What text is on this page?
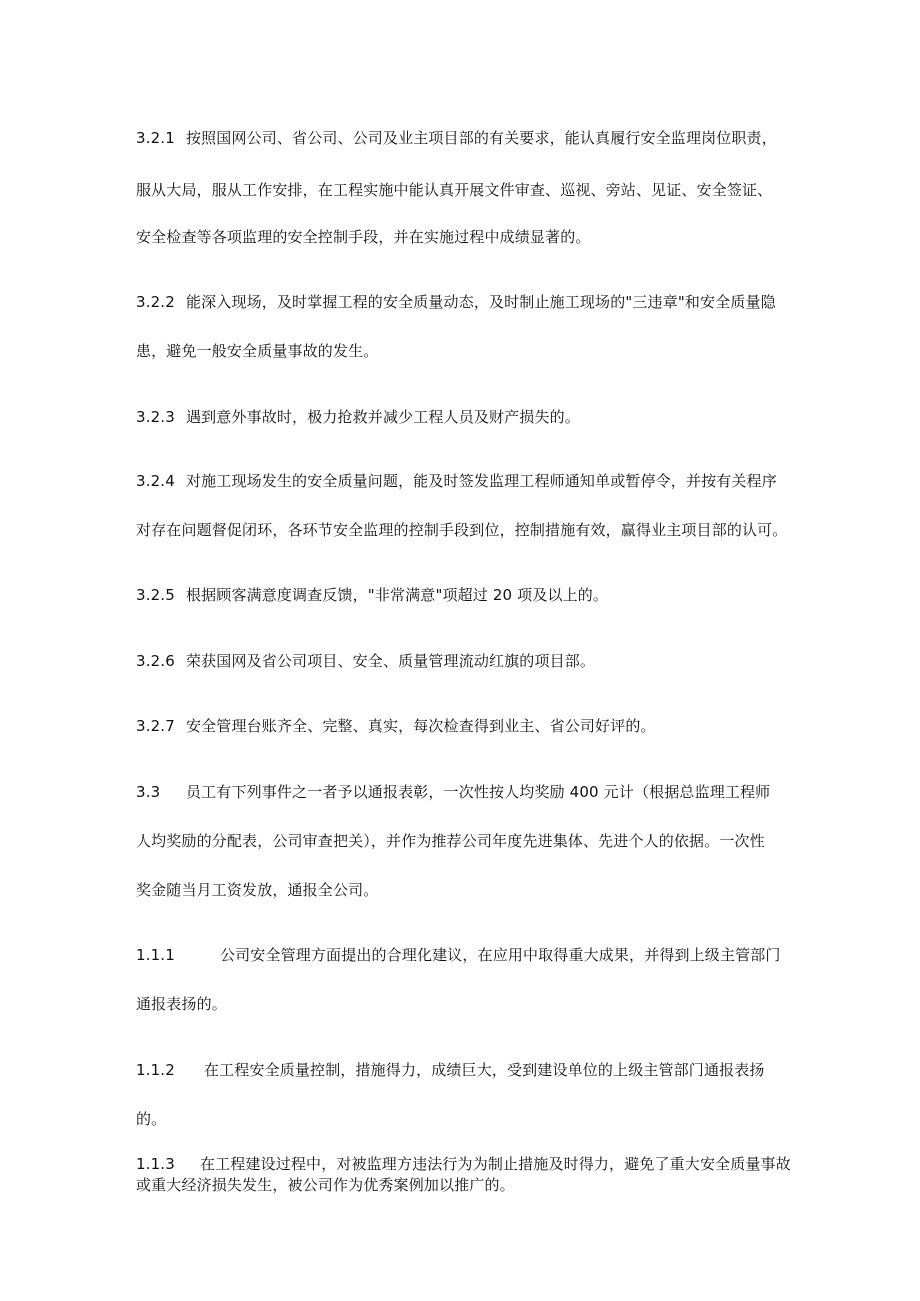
3.2.1 按照国网公司、省公司、公司及业主项目部的有关要求，能认真履行安全监理岗位职责，
服从大局，服从工作安排，在工程实施中能认真开展文件审查、巡视、旁站、见证、安全签证、
安全检查等各项监理的安全控制手段，并在实施过程中成绩显著的。
3.2.2 能深入现场，及时掌握工程的安全质量动态，及时制止施工现场的"三违章"和安全质量隐
患，避免一般安全质量事故的发生。
3.2.3 遇到意外事故时，极力抢救并减少工程人员及财产损失的。
3.2.4 对施工现场发生的安全质量问题，能及时签发监理工程师通知单或暂停令，并按有关程序
对存在问题督促闭环，各环节安全监理的控制手段到位，控制措施有效，赢得业主项目部的认可。
3.2.5 根据顾客满意度调查反馈，"非常满意"项超过 20 项及以上的。
3.2.6 荣获国网及省公司项目、安全、质量管理流动红旗的项目部。
3.2.7 安全管理台账齐全、完整、真实，每次检查得到业主、省公司好评的。
3.3 员工有下列事件之一者予以通报表彰，一次性按人均奖励 400 元计（根据总监理工程师
人均奖励的分配表，公司审查把关），并作为推荐公司年度先进集体、先进个人的依据。一次性
奖金随当月工资发放，通报全公司。
1.1.1	公司安全管理方面提出的合理化建议，在应用中取得重大成果，并得到上级主管部门
通报表扬的。
1.1.2 在工程安全质量控制，措施得力，成绩巨大，受到建设单位的上级主管部门通报表扬
的。
1.1.3 在工程建设过程中，对被监理方违法行为为制止措施及时得力，避免了重大安全质量事故
或重大经济损失发生，被公司作为优秀案例加以推广的。
